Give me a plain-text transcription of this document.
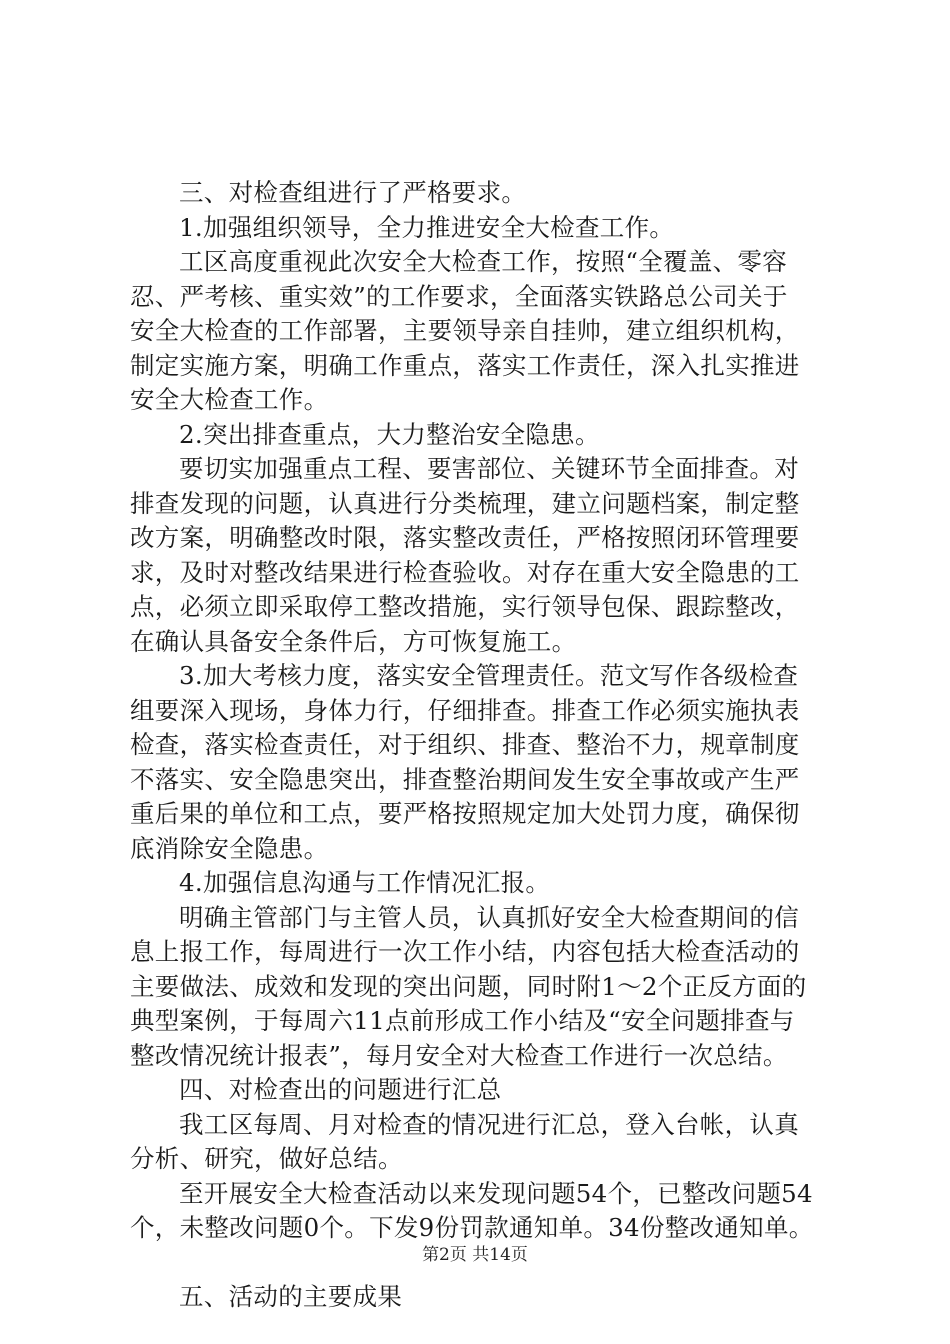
三、对检查组进行了严格要求。
1.加强组织领导，全力推进安全大检查工作。
工区高度重视此次安全大检查工作，按照“全覆盖、零容
忍、严考核、重实效”的工作要求，全面落实铁路总公司关于
安全大检查的工作部署，主要领导亲自挂帅，建立组织机构，
制定实施方案，明确工作重点，落实工作责任，深入扎实推进
安全大检查工作。
2.突出排查重点，大力整治安全隐患。
要切实加强重点工程、要害部位、关键环节全面排查。对
排查发现的问题，认真进行分类梳理，建立问题档案，制定整
改方案，明确整改时限，落实整改责任，严格按照闭环管理要
求，及时对整改结果进行检查验收。对存在重大安全隐患的工
点，必须立即采取停工整改措施，实行领导包保、跟踪整改，
在确认具备安全条件后，方可恢复施工。
3.加大考核力度，落实安全管理责任。范文写作各级检查
组要深入现场，身体力行，仔细排查。排查工作必须实施执表
检查，落实检查责任，对于组织、排查、整治不力，规章制度
不落实、安全隐患突出，排查整治期间发生安全事故或产生严
重后果的单位和工点，要严格按照规定加大处罚力度，确保彻
底消除安全隐患。
4.加强信息沟通与工作情况汇报。
明确主管部门与主管人员，认真抓好安全大检查期间的信
息上报工作，每周进行一次工作小结，内容包括大检查活动的
主要做法、成效和发现的突出问题，同时附1～2个正反方面的
典型案例，于每周六11点前形成工作小结及“安全问题排查与
整改情况统计报表”，每月安全对大检查工作进行一次总结。
四、对检查出的问题进行汇总
我工区每周、月对检查的情况进行汇总，登入台帐，认真
分析、研究，做好总结。
至开展安全大检查活动以来发现问题54个，已整改问题54
个，未整改问题0个。下发9份罚款通知单。34份整改通知单。
五、活动的主要成果
第2页 共14页
